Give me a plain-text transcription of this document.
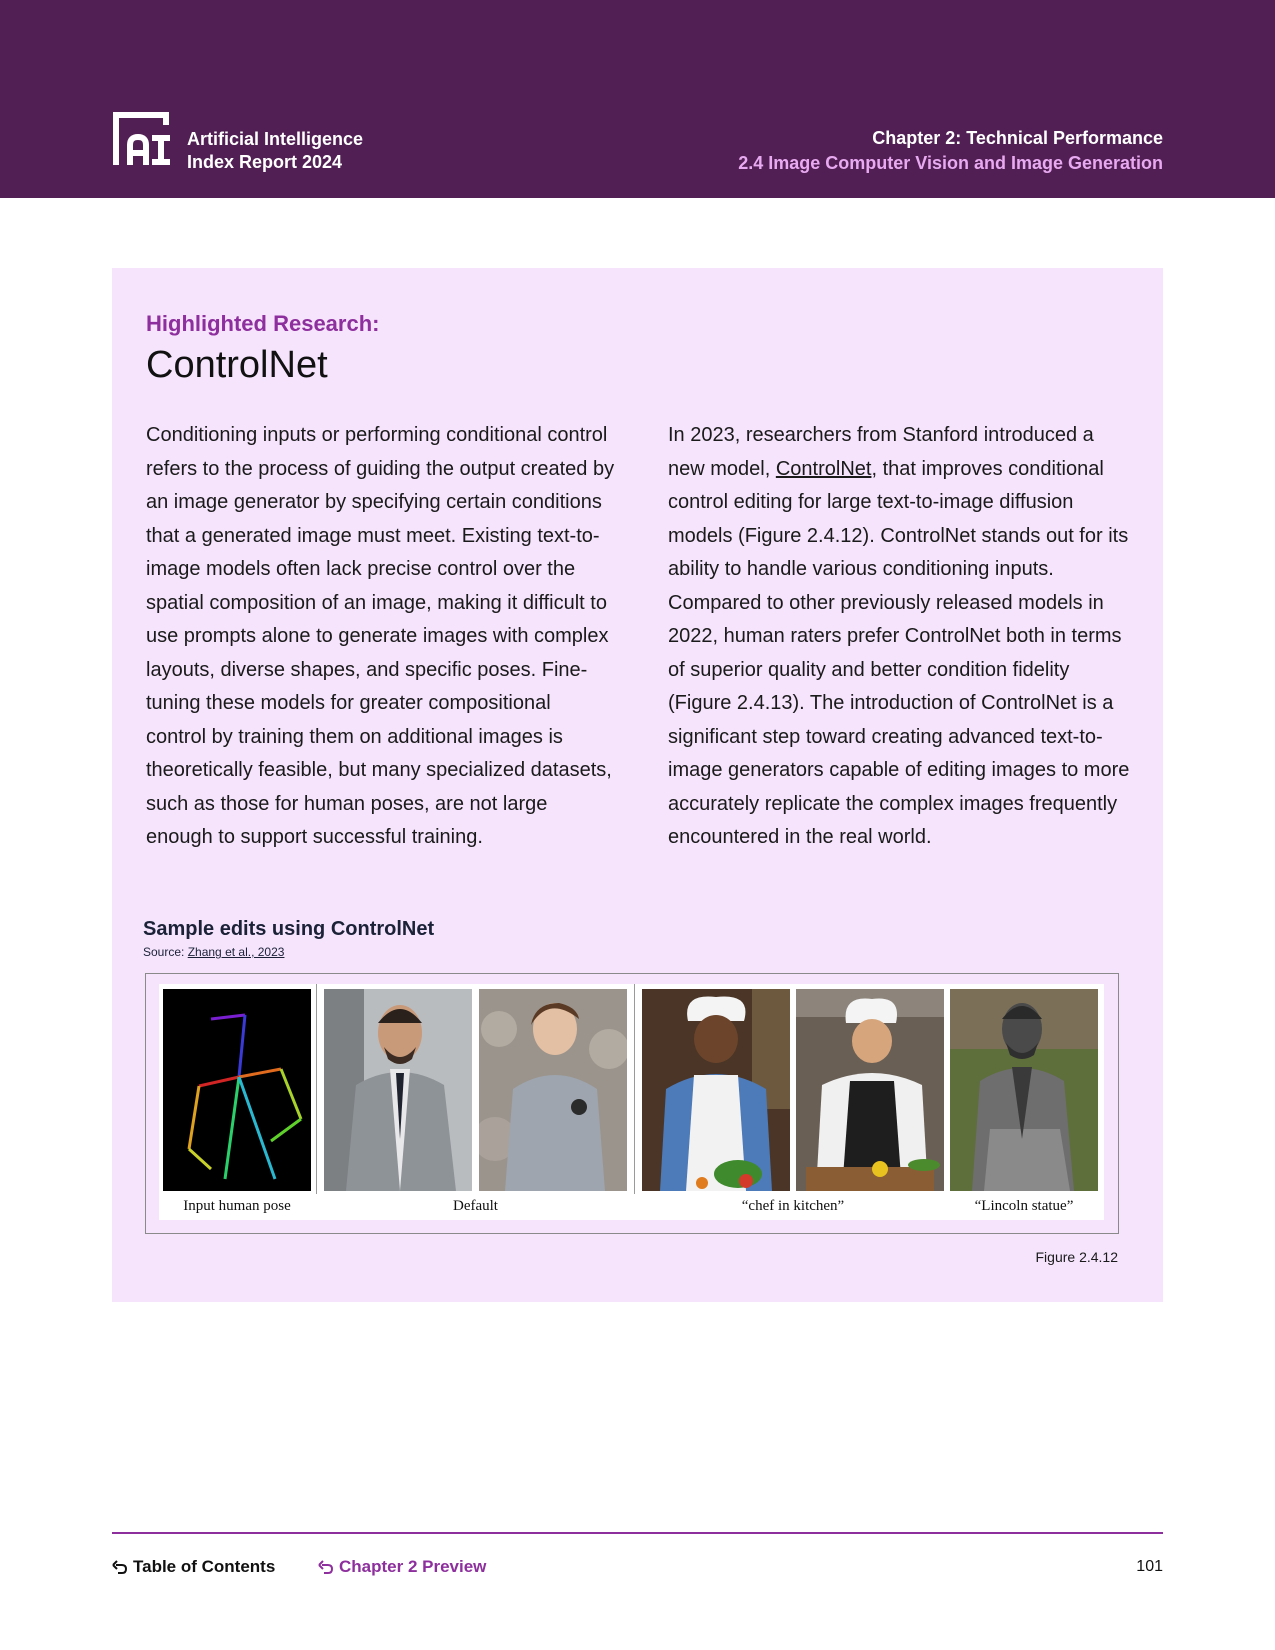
Artificial Intelligence
Index Report 2024
Chapter 2: Technical Performance
2.4 Image Computer Vision and Image Generation
Highlighted Research:
ControlNet
Conditioning inputs or performing conditional control refers to the process of guiding the output created by an image generator by specifying certain conditions that a generated image must meet. Existing text-to-image models often lack precise control over the spatial composition of an image, making it difficult to use prompts alone to generate images with complex layouts, diverse shapes, and specific poses. Fine-tuning these models for greater compositional control by training them on additional images is theoretically feasible, but many specialized datasets, such as those for human poses, are not large enough to support successful training.
In 2023, researchers from Stanford introduced a new model, ControlNet, that improves conditional control editing for large text-to-image diffusion models (Figure 2.4.12). ControlNet stands out for its ability to handle various conditioning inputs. Compared to other previously released models in 2022, human raters prefer ControlNet both in terms of superior quality and better condition fidelity (Figure 2.4.13). The introduction of ControlNet is a significant step toward creating advanced text-to-image generators capable of editing images to more accurately replicate the complex images frequently encountered in the real world.
Sample edits using ControlNet
Source: Zhang et al., 2023
Input human pose	Default	“chef in kitchen”	“Lincoln statue”
Figure 2.4.12
Table of Contents	Chapter 2 Preview	101
